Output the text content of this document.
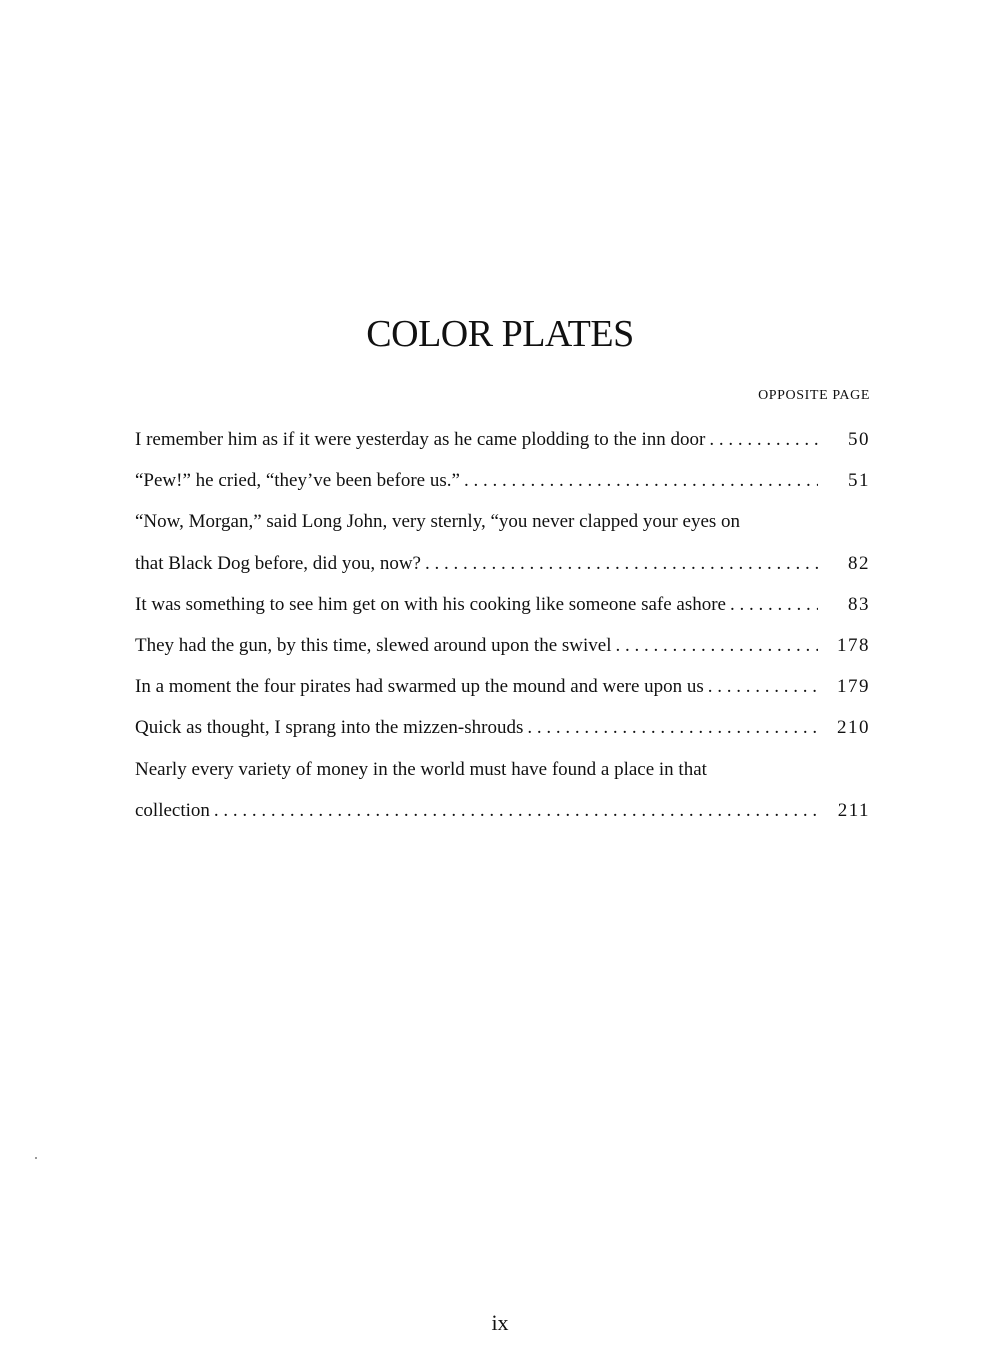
COLOR PLATES
OPPOSITE PAGE
I remember him as if it were yesterday as he came plodding to the inn door . . .	50
“Pew!” he cried, “they’ve been before us.” . . .	51
“Now, Morgan,” said Long John, very sternly, “you never clapped your eyes on
that Black Dog before, did you, now? . . .	82
It was something to see him get on with his cooking like someone safe ashore . . .	83
They had the gun, by this time, slewed around upon the swivel . . .	178
In a moment the four pirates had swarmed up the mound and were upon us . . .	179
Quick as thought, I sprang into the mizzen-shrouds . . .	210
Nearly every variety of money in the world must have found a place in that
collection . . .	211
ix
